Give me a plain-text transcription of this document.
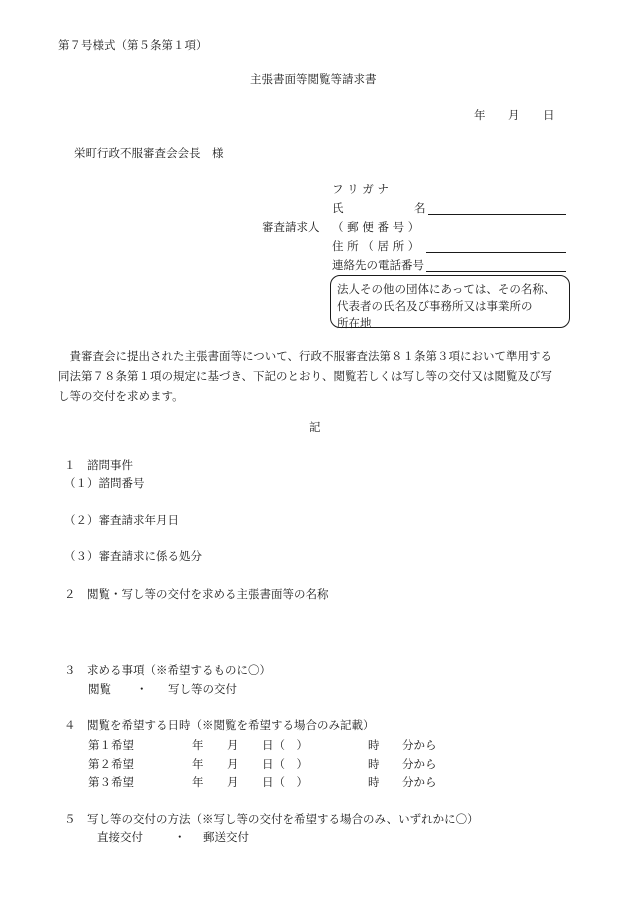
第７号様式（第５条第１項）
主張書面等閲覧等請求書
年 月 日
栄町行政不服審査会会長　様
フ リ ガ ナ
氏	名
審査請求人 （ 郵 便 番 号 ）
住 所 （ 居 所 ）
連絡先の電話番号
法人その他の団体にあっては、その名称、
代表者の氏名及び事務所又は事業所の
所在地
　貴審査会に提出された主張書面等について、行政不服審査法第８１条第３項において準用する
同法第７８条第１項の規定に基づき、下記のとおり、閲覧若しくは写し等の交付又は閲覧及び写
し等の交付を求めます。
記
１　諮問事件
（１）諮問番号
（２）審査請求年月日
（３）審査請求に係る処分
２　閲覧・写し等の交付を求める主張書面等の名称
３　求める事項（※希望するものに〇）
閲覧 ・ 写し等の交付
４　閲覧を希望する日時（※閲覧を希望する場合のみ記載）
第１希望	年 月 日（　）	時 分から
第２希望	年 月 日（　）	時 分から
第３希望	年 月 日（　）	時 分から
５　写し等の交付の方法（※写し等の交付を希望する場合のみ、いずれかに〇）
直接交付	・ 郵送交付
